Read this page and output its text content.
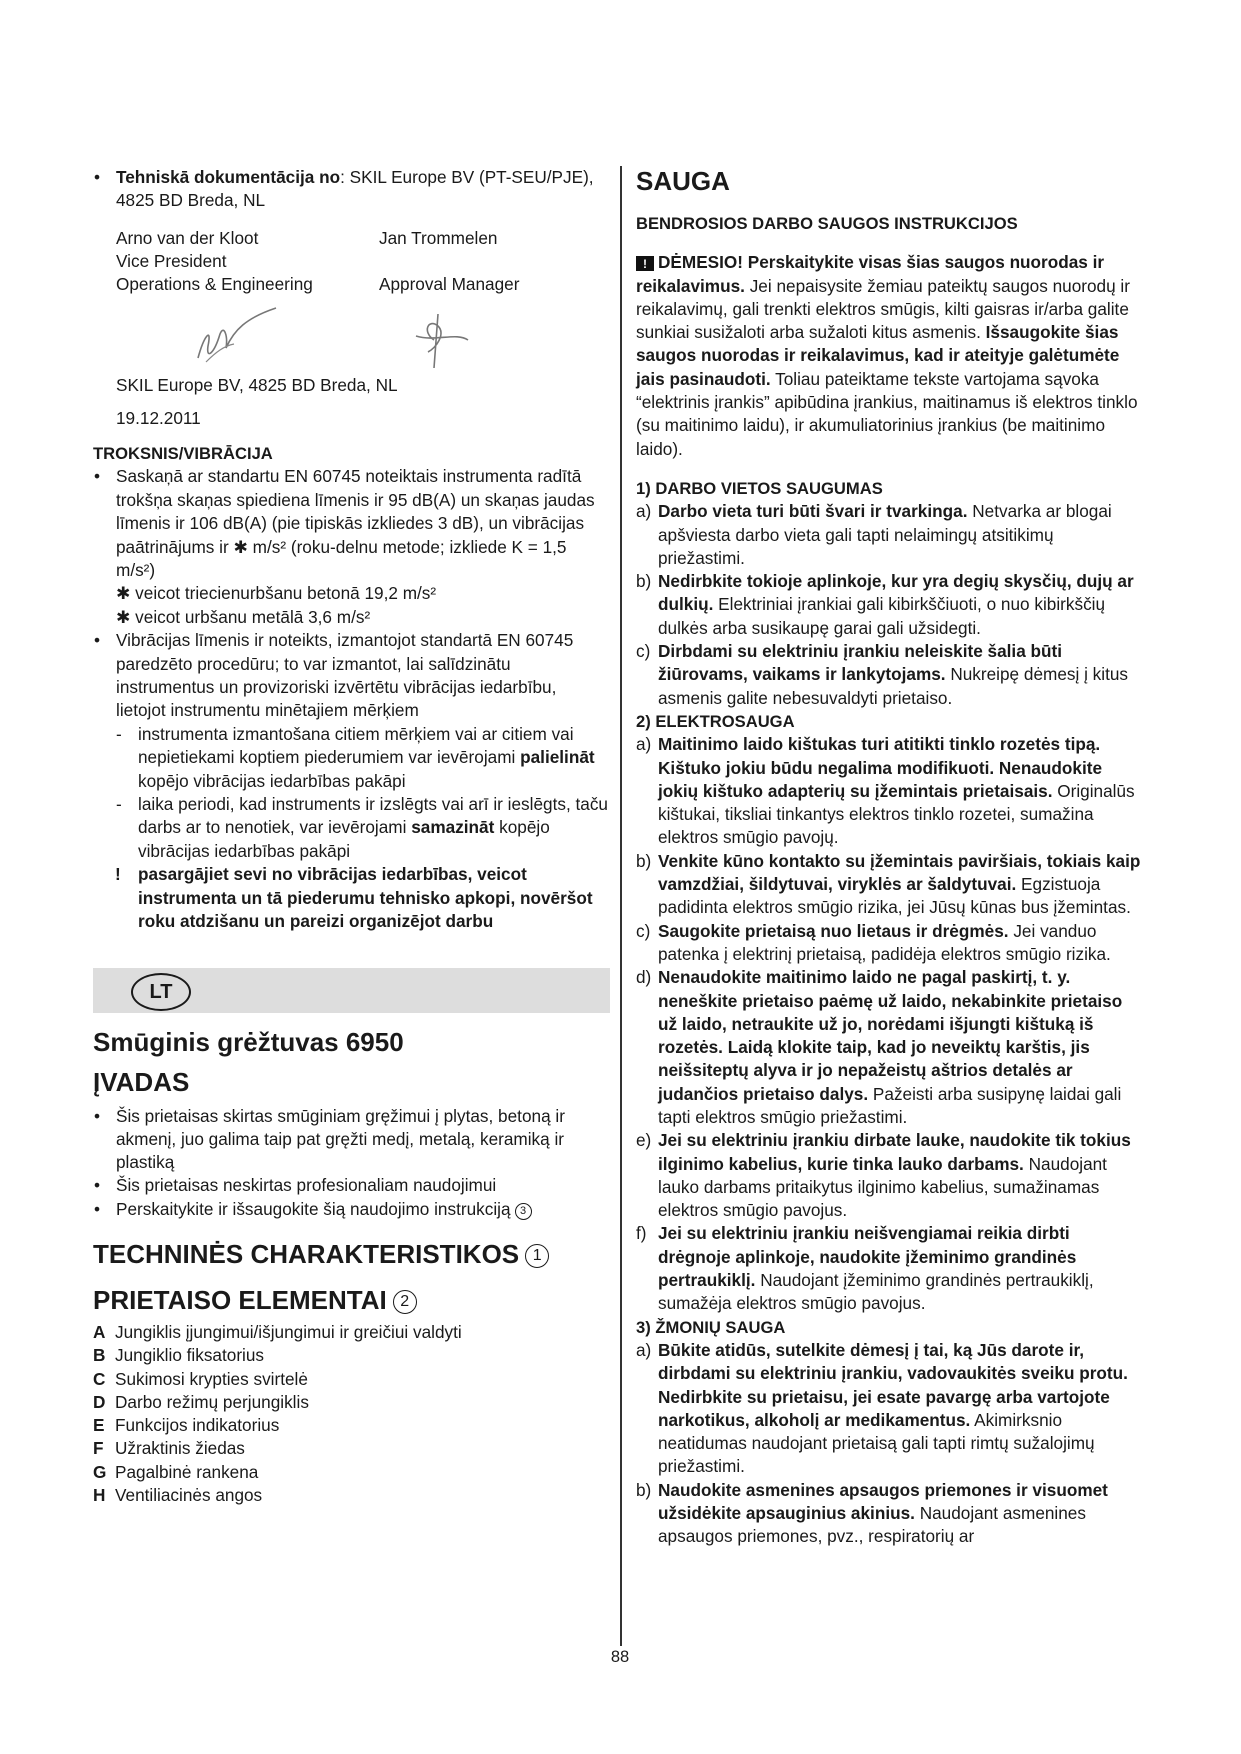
• Tehniskā dokumentācija no: SKIL Europe BV (PT-SEU/PJE), 4825 BD Breda, NL
Arno van der Kloot
Vice President
Operations & Engineering
Jan Trommelen

Approval Manager

SKIL Europe BV, 4825 BD Breda, NL

19.12.2011

TROKSNIS/VIBRĀCIJA

• Saskaņā ar standartu EN 60745 noteiktais instrumenta radītā trokšņa skaņas spiediena līmenis ir 95 dB(A) un skaņas jaudas līmenis ir 106 dB(A) (pie tipiskās izkliedes 3 dB), un vibrācijas paātrinājums ir ✱ m/s² (roku-delnu metode; izkliede K = 1,5 m/s²)
✱ veicot triecienurbšanu betonā 19,2 m/s²
✱ veicot urbšanu metālā 3,6 m/s²
• Vibrācijas līmenis ir noteikts, izmantojot standartā EN 60745 paredzēto procedūru; to var izmantot, lai salīdzinātu instrumentus un provizoriski izvērtētu vibrācijas iedarbību, lietojot instrumentu minētajiem mērķiem
- instrumenta izmantošana citiem mērķiem vai ar citiem vai nepietiekami koptiem piederumiem var ievērojami palielināt kopējo vibrācijas iedarbības pakāpi
- laika periodi, kad instruments ir izslēgts vai arī ir ieslēgts, taču darbs ar to nenotiek, var ievērojami samazināt kopējo vibrācijas iedarbības pakāpi
! pasargājiet sevi no vibrācijas iedarbības, veicot instrumenta un tā piederumu tehnisko apkopi, novēršot roku atdzišanu un pareizi organizējot darbu
LT

Smūginis grėžtuvas 6950

ĮVADAS

• Šis prietaisas skirtas smūginiam gręžimui į plytas, betoną ir akmenį, juo galima taip pat gręžti medį, metalą, keramiką ir plastiką
• Šis prietaisas neskirtas profesionaliam naudojimui
• Perskaitykite ir išsaugokite šią naudojimo instrukciją 3

TECHNINĖS CHARAKTERISTIKOS 1

PRIETAISO ELEMENTAI 2

A Jungiklis įjungimui/išjungimui ir greičiui valdyti
B Jungiklio fiksatorius
C Sukimosi krypties svirtelė
D Darbo režimų perjungiklis
E Funkcijos indikatorius
F Užraktinis žiedas
G Pagalbinė rankena
H Ventiliacinės angos

SAUGA

BENDROSIOS DARBO SAUGOS INSTRUKCIJOS

! DĖMESIO! Perskaitykite visas šias saugos nuorodas ir reikalavimus. Jei nepaisysite žemiau pateiktų saugos nuorodų ir reikalavimų, gali trenkti elektros smūgis, kilti gaisras ir/arba galite sunkiai susižaloti arba sužaloti kitus asmenis. Išsaugokite šias saugos nuorodas ir reikalavimus, kad ir ateityje galėtumėte jais pasinaudoti. Toliau pateiktame tekste vartojama sąvoka “elektrinis įrankis” apibūdina įrankius, maitinamus iš elektros tinklo (su maitinimo laidu), ir akumuliatorinius įrankius (be maitinimo laido).

1) DARBO VIETOS SAUGUMAS

a) Darbo vieta turi būti švari ir tvarkinga. Netvarka ar blogai apšviesta darbo vieta gali tapti nelaimingų atsitikimų priežastimi.
b) Nedirbkite tokioje aplinkoje, kur yra degių skysčių, dujų ar dulkių. Elektriniai įrankiai gali kibirkščiuoti, o nuo kibirkščių dulkės arba susikaupę garai gali užsidegti.
c) Dirbdami su elektriniu įrankiu neleiskite šalia būti žiūrovams, vaikams ir lankytojams. Nukreipę dėmesį į kitus asmenis galite nebesuvaldyti prietaiso.

2) ELEKTROSAUGA

a) Maitinimo laido kištukas turi atitikti tinklo rozetės tipą. Kištuko jokiu būdu negalima modifikuoti. Nenaudokite jokių kištuko adapterių su įžemintais prietaisais. Originalūs kištukai, tiksliai tinkantys elektros tinklo rozetei, sumažina elektros smūgio pavojų.
b) Venkite kūno kontakto su įžemintais paviršiais, tokiais kaip vamzdžiai, šildytuvai, viryklės ar šaldytuvai. Egzistuoja padidinta elektros smūgio rizika, jei Jūsų kūnas bus įžemintas.
c) Saugokite prietaisą nuo lietaus ir drėgmės. Jei vanduo patenka į elektrinį prietaisą, padidėja elektros smūgio rizika.
d) Nenaudokite maitinimo laido ne pagal paskirtį, t. y. neneškite prietaiso paėmę už laido, nekabinkite prietaiso už laido, netraukite už jo, norėdami išjungti kištuką iš rozetės. Laidą klokite taip, kad jo neveiktų karštis, jis neišsiteptų alyva ir jo nepažeistų aštrios detalės ar judančios prietaiso dalys. Pažeisti arba susipynę laidai gali tapti elektros smūgio priežastimi.
e) Jei su elektriniu įrankiu dirbate lauke, naudokite tik tokius ilginimo kabelius, kurie tinka lauko darbams. Naudojant lauko darbams pritaikytus ilginimo kabelius, sumažinamas elektros smūgio pavojus.
f) Jei su elektriniu įrankiu neišvengiamai reikia dirbti drėgnoje aplinkoje, naudokite įžeminimo grandinės pertraukiklį. Naudojant įžeminimo grandinės pertraukiklį, sumažėja elektros smūgio pavojus.

3) ŽMONIŲ SAUGA

a) Būkite atidūs, sutelkite dėmesį į tai, ką Jūs darote ir, dirbdami su elektriniu įrankiu, vadovaukitės sveiku protu. Nedirbkite su prietaisu, jei esate pavargę arba vartojote narkotikus, alkoholį ar medikamentus. Akimirksnio neatidumas naudojant prietaisą gali tapti rimtų sužalojimų priežastimi.
b) Naudokite asmenines apsaugos priemones ir visuomet užsidėkite apsauginius akinius. Naudojant asmenines apsaugos priemones, pvz., respiratorių ar
88
